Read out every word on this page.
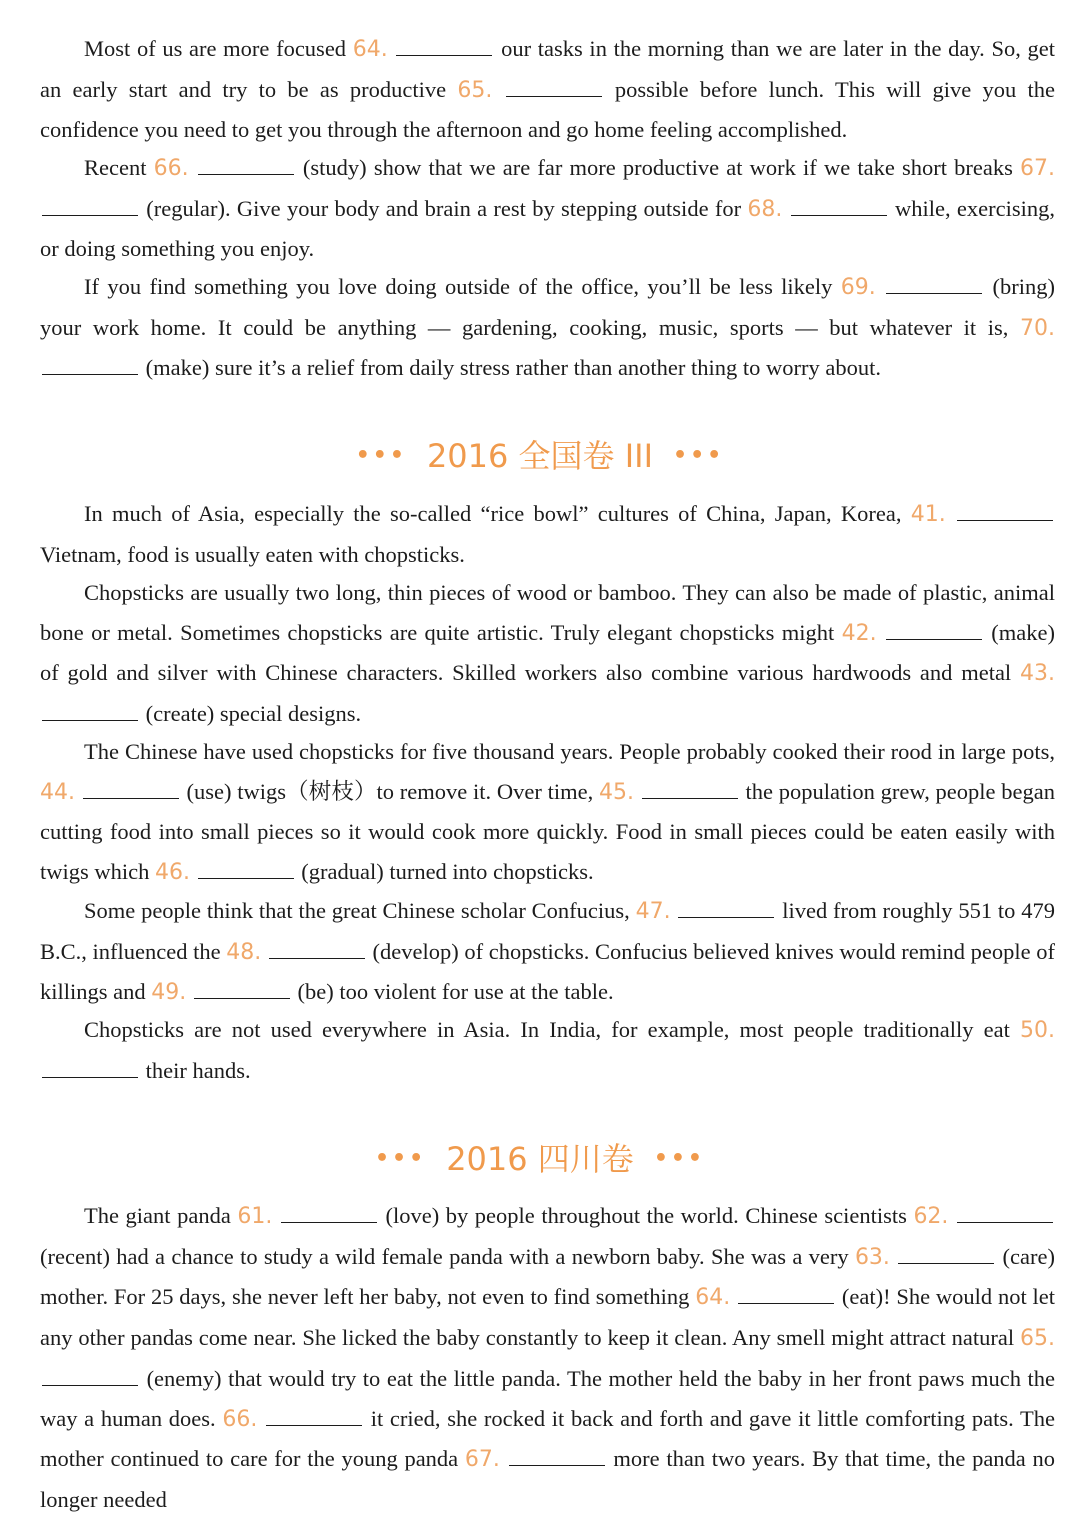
Most of us are more focused 64.	our tasks in the morning than we are later in the day. So, get an early start and try to be as productive 65.	possible before lunch. This will give you the confidence you need to get you through the afternoon and go home feeling accomplished.

Recent 66.	(study) show that we are far more productive at work if we take short breaks 67.  (regular). Give your body and brain a rest by stepping outside for 68.	while, exercising, or doing something you enjoy.

If you find something you love doing outside of the office, you’ll be less likely 69.	(bring) your work home. It could be anything — gardening, cooking, music, sports — but whatever it is, 70.  (make) sure it’s a relief from daily stress rather than another thing to worry about.

••• 2016 全国卷 III •••

In much of Asia, especially the so-called “rice bowl” cultures of China, Japan, Korea, 41.  Vietnam, food is usually eaten with chopsticks.

Chopsticks are usually two long, thin pieces of wood or bamboo. They can also be made of plastic, animal bone or metal. Sometimes chopsticks are quite artistic. Truly elegant chopsticks might 42.	(make) of gold and silver with Chinese characters. Skilled workers also combine various hardwoods and metal 43.  (create) special designs.

The Chinese have used chopsticks for five thousand years. People probably cooked their rood in large pots, 44.	(use) twigs（树枝）to remove it. Over time, 45.	the population grew, people began cutting food into small pieces so it would cook more quickly. Food in small pieces could be eaten easily with twigs which 46.	(gradual) turned into chopsticks.

Some people think that the great Chinese scholar Confucius, 47.	lived from roughly 551 to 479 B.C., influenced the 48.	(develop) of chopsticks. Confucius believed knives would remind people of killings and 49.	(be) too violent for use at the table.

Chopsticks are not used everywhere in Asia. In India, for example, most people traditionally eat 50.  their hands.

••• 2016 四川卷 •••

The giant panda 61.	(love) by people throughout the world. Chinese scientists 62.  (recent) had a chance to study a wild female panda with a newborn baby. She was a very 63.	(care) mother. For 25 days, she never left her baby, not even to find something 64.	(eat)! She would not let any other pandas come near. She licked the baby constantly to keep it clean. Any smell might attract natural 65.  (enemy) that would try to eat the little panda. The mother held the baby in her front paws much the way a human does. 66.	it cried, she rocked it back and forth and gave it little comforting pats. The mother continued to care for the young panda 67.	more than two years. By that time, the panda no longer needed
